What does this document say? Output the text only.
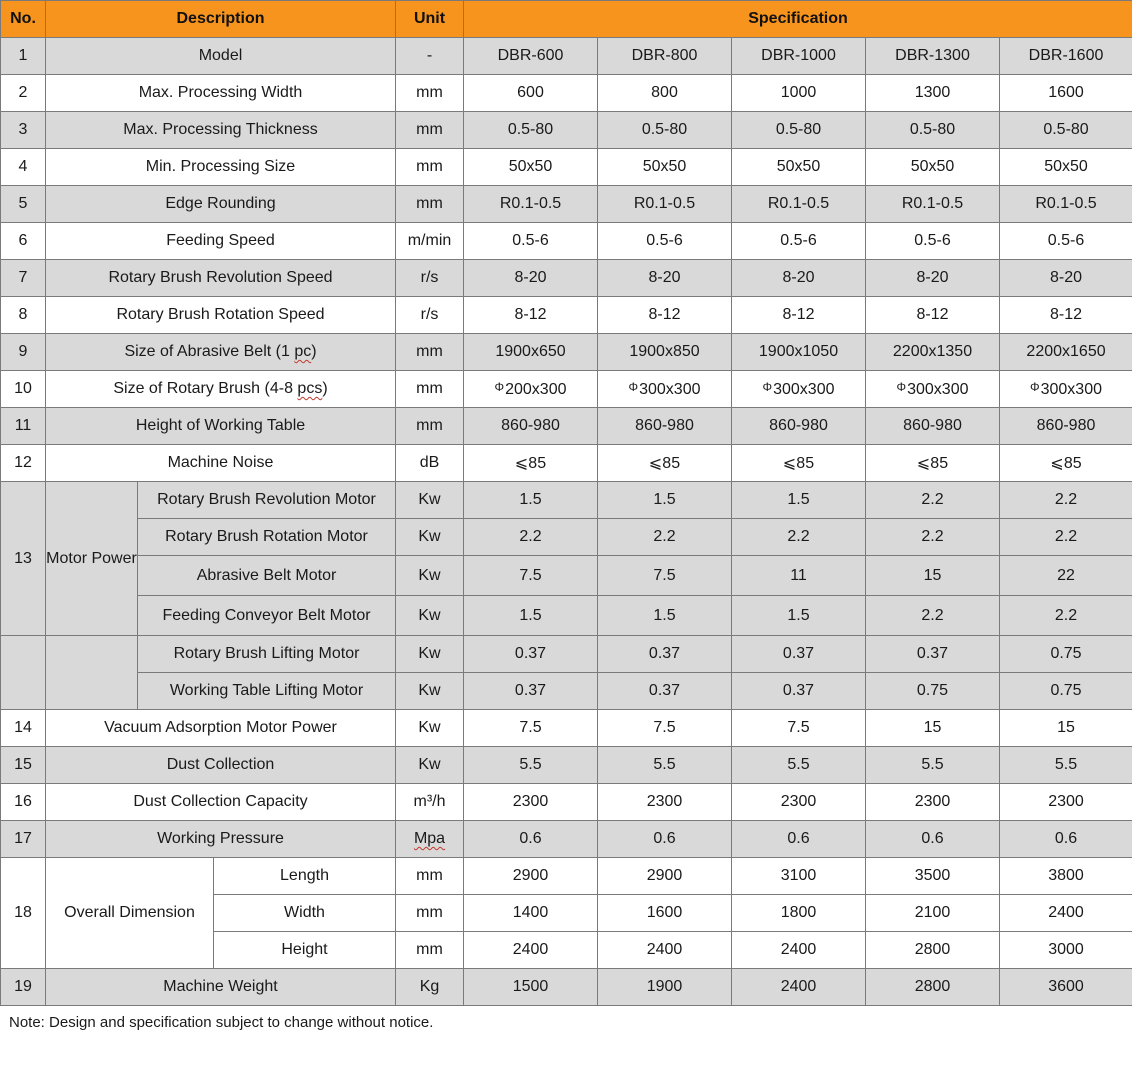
No.	Description			Unit	Specification				
1	Model			-	DBR-600	DBR-800	DBR-1000	DBR-1300	DBR-1600
2	Max. Processing Width			mm	600	800	1000	1300	1600
3	Max. Processing Thickness			mm	0.5-80	0.5-80	0.5-80	0.5-80	0.5-80
4	Min. Processing Size			mm	50x50	50x50	50x50	50x50	50x50
5	Edge Rounding			mm	R0.1-0.5	R0.1-0.5	R0.1-0.5	R0.1-0.5	R0.1-0.5
6	Feeding Speed			m/min	0.5-6	0.5-6	0.5-6	0.5-6	0.5-6
7	Rotary Brush Revolution Speed			r/s	8-20	8-20	8-20	8-20	8-20
8	Rotary Brush Rotation Speed			r/s	8-12	8-12	8-12	8-12	8-12
9	Size of Abrasive Belt (1 pc)			mm	1900x650	1900x850	1900x1050	2200x1350	2200x1650
10	Size of Rotary Brush (4-8 pcs)			mm	Φ200x300	Φ300x300	Φ300x300	Φ300x300	Φ300x300
11	Height of Working Table			mm	860-980	860-980	860-980	860-980	860-980
12	Machine Noise			dB	⩽85	⩽85	⩽85	⩽85	⩽85
13	Motor Power	Rotary Brush Revolution Motor		Kw	1.5	1.5	1.5	2.2	2.2
		Rotary Brush Rotation Motor		Kw	2.2	2.2	2.2	2.2	2.2
		Abrasive Belt Motor		Kw	7.5	7.5	11	15	22
		Feeding Conveyor Belt Motor		Kw	1.5	1.5	1.5	2.2	2.2
		Rotary Brush Lifting Motor		Kw	0.37	0.37	0.37	0.37	0.75
		Working Table Lifting Motor		Kw	0.37	0.37	0.37	0.75	0.75
14	Vacuum Adsorption Motor Power			Kw	7.5	7.5	7.5	15	15
15	Dust Collection			Kw	5.5	5.5	5.5	5.5	5.5
16	Dust Collection Capacity			m³/h	2300	2300	2300	2300	2300
17	Working Pressure			Mpa	0.6	0.6	0.6	0.6	0.6
18	Overall Dimension		Length	mm	2900	2900	3100	3500	3800
			Width	mm	1400	1600	1800	2100	2400
			Height	mm	2400	2400	2400	2800	3000
19	Machine Weight			Kg	1500	1900	2400	2800	3600
Note: Design and specification subject to change without notice.
